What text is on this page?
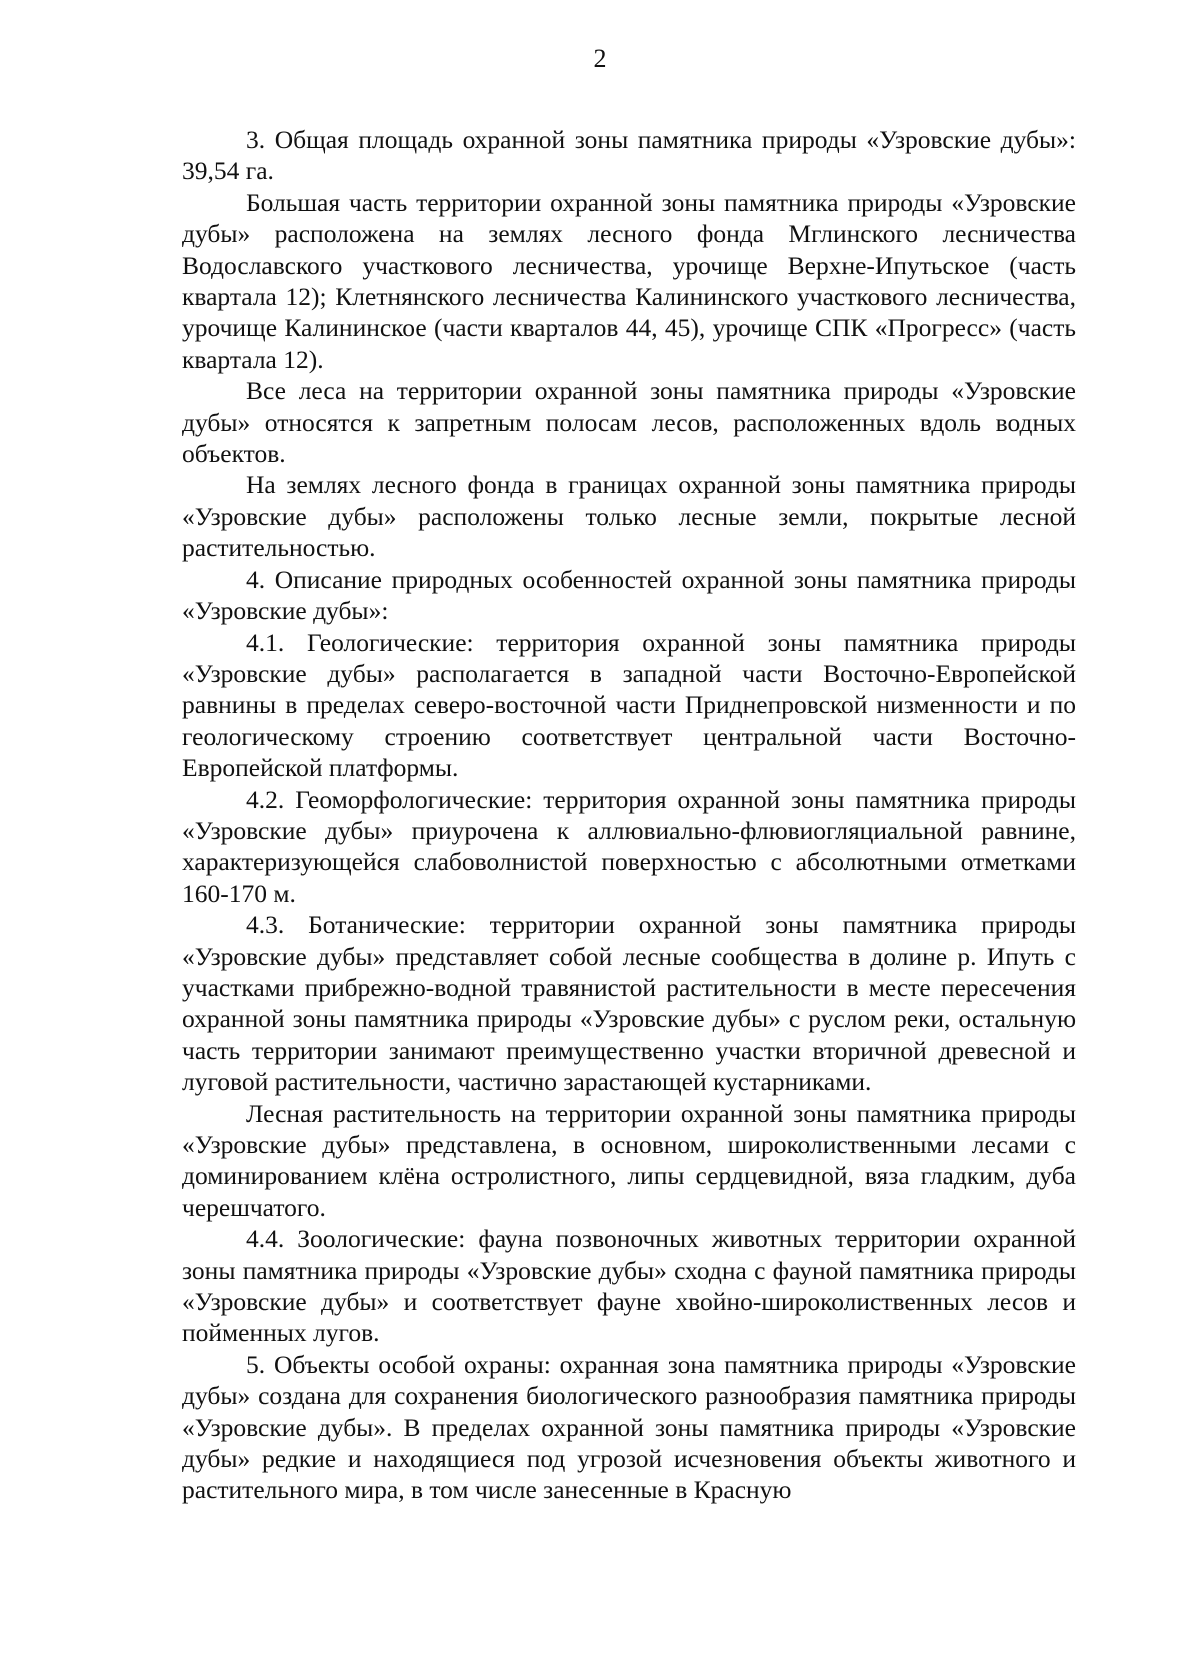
2

3. Общая площадь охранной зоны памятника природы «Узровские дубы»: 39,54 га.

Большая часть территории охранной зоны памятника природы «Узровские дубы» расположена на землях лесного фонда Мглинского лесничества Водославского участкового лесничества, урочище Верхне-Ипутьское (часть квартала 12); Клетнянского лесничества Калининского участкового лесничества, урочище Калининское (части кварталов 44, 45), урочище СПК «Прогресс» (часть квартала 12).

Все леса на территории охранной зоны памятника природы «Узровские дубы» относятся к запретным полосам лесов, расположенных вдоль водных объектов.

На землях лесного фонда в границах охранной зоны памятника природы «Узровские дубы» расположены только лесные земли, покрытые лесной растительностью.

4. Описание природных особенностей охранной зоны памятника природы «Узровские дубы»:

4.1. Геологические: территория охранной зоны памятника природы «Узровские дубы» располагается в западной части Восточно-Европейской равнины в пределах северо-восточной части Приднепровской низменности и по геологическому строению соответствует центральной части Восточно-Европейской платформы.

4.2. Геоморфологические: территория охранной зоны памятника природы «Узровские дубы» приурочена к аллювиально-флювиогляциальной равнине, характеризующейся слабоволнистой поверхностью с абсолютными отметками 160-170 м.

4.3. Ботанические: территории охранной зоны памятника природы «Узровские дубы» представляет собой лесные сообщества в долине р. Ипуть с участками прибрежно-водной травянистой растительности в месте пересечения охранной зоны памятника природы «Узровские дубы» с руслом реки, остальную часть территории занимают преимущественно участки вторичной древесной и луговой растительности, частично зарастающей кустарниками.

Лесная растительность на территории охранной зоны памятника природы «Узровские дубы» представлена, в основном, широколиственными лесами с доминированием клёна остролистного, липы сердцевидной, вяза гладким, дуба черешчатого.

4.4. Зоологические: фауна позвоночных животных территории охранной зоны памятника природы «Узровские дубы» сходна с фауной памятника природы «Узровские дубы» и соответствует фауне хвойно-широколиственных лесов и пойменных лугов.

5. Объекты особой охраны: охранная зона памятника природы «Узровские дубы» создана для сохранения биологического разнообразия памятника природы «Узровские дубы». В пределах охранной зоны памятника природы «Узровские дубы» редкие и находящиеся под угрозой исчезновения объекты животного и растительного мира, в том числе занесенные в Красную
